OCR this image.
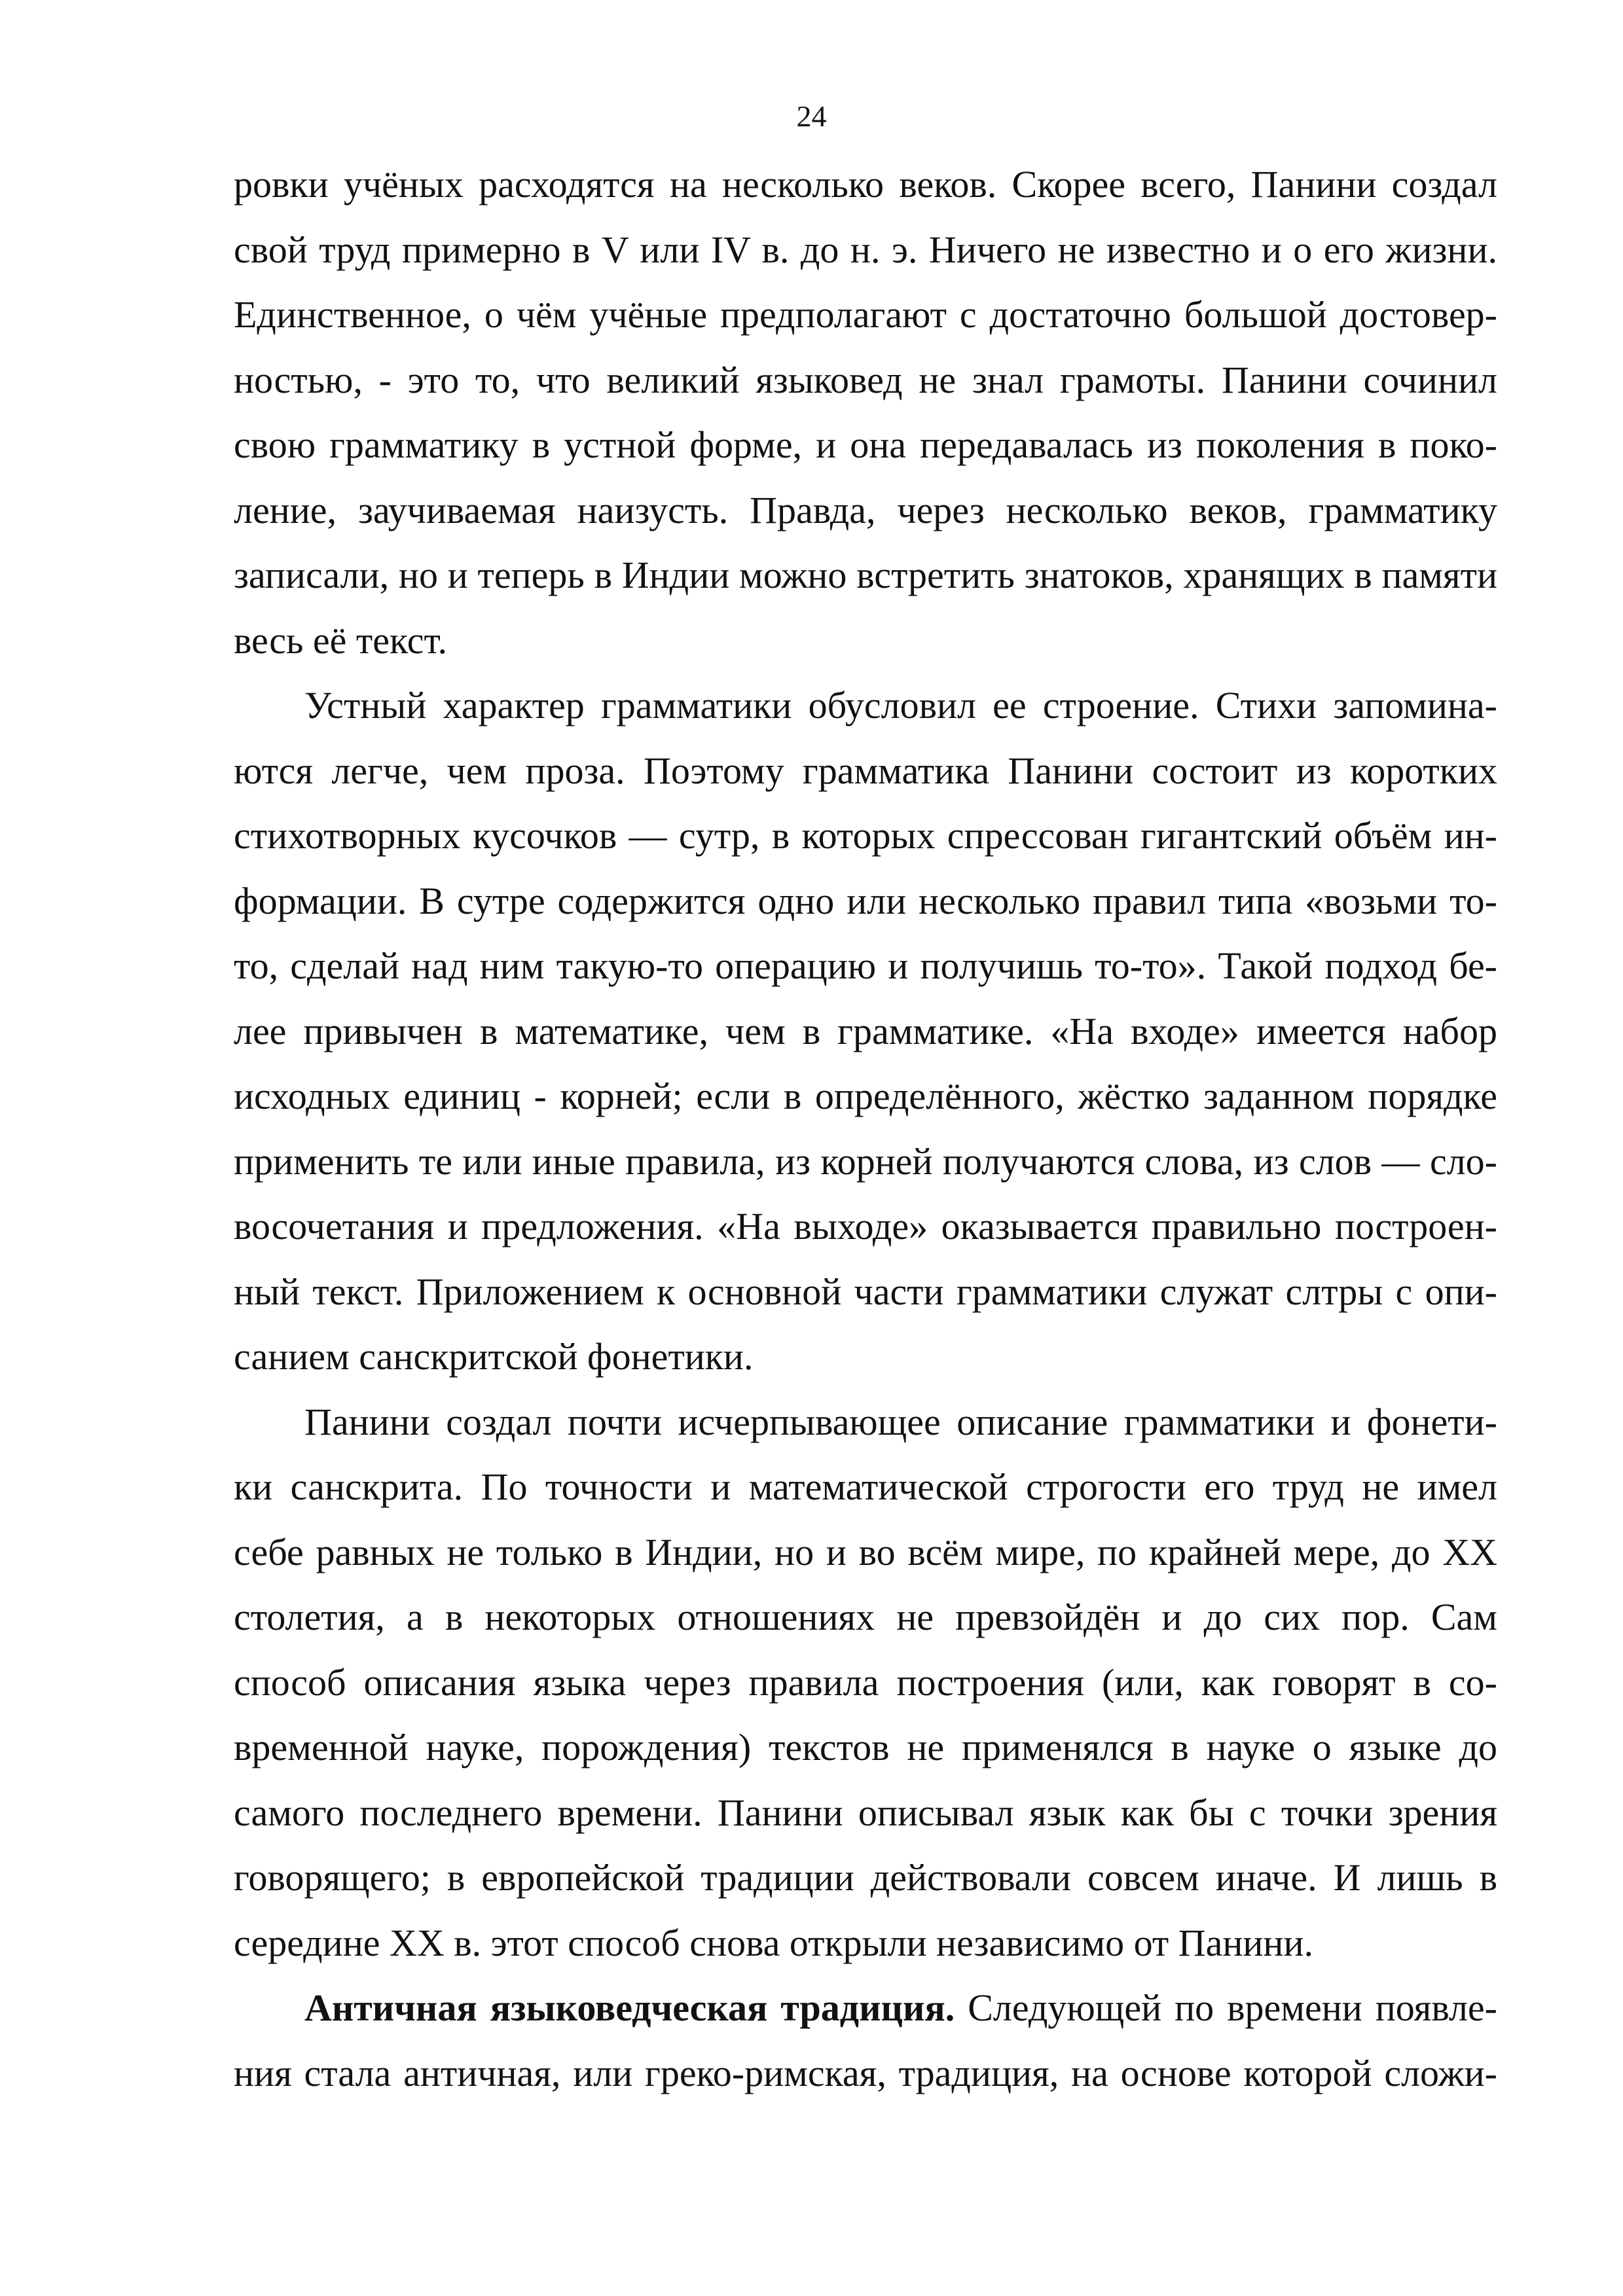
24

ровки учёных расходятся на несколько веков. Скорее всего, Панини создал

свой труд примерно в V или IV в. до н. э. Ничего не известно и о его жизни.

Единственное, о чём учёные предполагают с достаточно большой достовер-

ностью, - это то, что великий языковед не знал грамоты. Панини сочинил

свою грамматику в устной форме, и она передавалась из поколения в поко-

ление, заучиваемая наизусть. Правда, через несколько веков, грамматику

записали, но и теперь в Индии можно встретить знатоков, хранящих в памяти

весь её текст.

Устный характер грамматики обусловил ее строение. Стихи запомина-

ются легче, чем проза. Поэтому грамматика Панини состоит из коротких

стихотворных кусочков — сутр, в которых спрессован гигантский объём ин-

формации. В сутре содержится одно или несколько правил типа «возьми то-

то, сделай над ним такую-то операцию и получишь то-то». Такой подход бе-

лее привычен в математике, чем в грамматике. «На входе» имеется набор

исходных единиц - корней; если в определённого, жёстко заданном порядке

применить те или иные правила, из корней получаются слова, из слов — сло-

восочетания и предложения. «На выходе» оказывается правильно построен-

ный текст. Приложением к основной части грамматики служат слтры с опи-

санием санскритской фонетики.

Панини создал почти исчерпывающее описание грамматики и фонети-

ки санскрита. По точности и математической строгости его труд не имел

себе равных не только в Индии, но и во всём мире, по крайней мере, до XX

столетия, а в некоторых отношениях не превзойдён и до сих пор. Сам

способ описания языка через правила построения (или, как говорят в со-

временной науке, порождения) текстов не применялся в науке о языке до

самого последнего времени. Панини описывал язык как бы с точки зрения

говорящего; в европейской традиции действовали совсем иначе. И лишь в

середине XX в. этот способ снова открыли независимо от Панини.

Античная языковедческая традиция. Следующей по времени появле-

ния стала античная, или греко-римская, традиция, на основе которой сложи-
